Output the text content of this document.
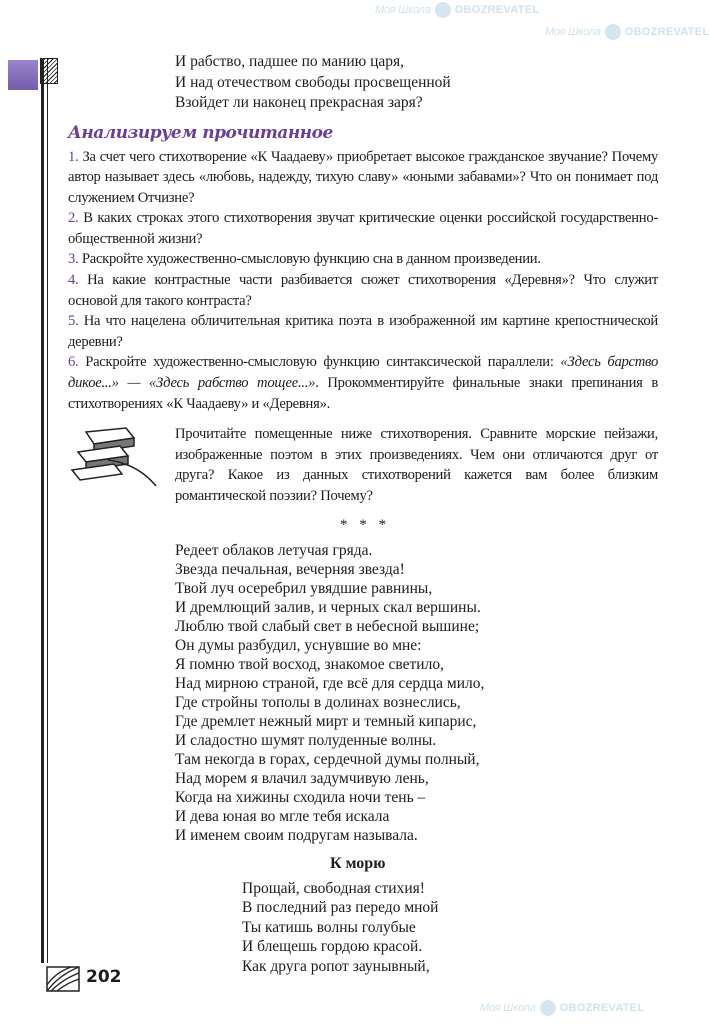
Моя Школа OBOZREVATEL
Моя Школа OBOZREVATEL
Моя Школа OBOZREVATEL
И рабство, падшее по манию царя,
И над отечеством свободы просвещенной
Взойдет ли наконец прекрасная заря?
Анализируем прочитанное

1. За счет чего стихотворение «К Чаадаеву» приобретает высокое гражданское звучание? Почему автор называет здесь «любовь, надежду, тихую славу» «юными забавами»? Что он понимает под служением Отчизне?

2. В каких строках этого стихотворения звучат критические оценки российской государственно-общественной жизни?

3. Раскройте художественно-смысловую функцию сна в данном произведении.

4. На какие контрастные части разбивается сюжет стихотворения «Деревня»? Что служит основой для такого контраста?

5. На что нацелена обличительная критика поэта в изображенной им картине крепостнической деревни?

6. Раскройте художественно-смысловую функцию синтаксической параллели: «Здесь барство дикое...» — «Здесь рабство тощее...». Прокомментируйте финальные знаки препинания в стихотворениях «К Чаадаеву» и «Деревня».

Прочитайте помещенные ниже стихотворения. Сравните морские пейзажи, изображенные поэтом в этих произведениях. Чем они отличаются друг от друга? Какое из данных стихотворений кажется вам более близким романтической поэзии? Почему?
* * *
Редеет облаков летучая гряда.
Звезда печальная, вечерняя звезда!
Твой луч осеребрил увядшие равнины,
И дремлющий залив, и черных скал вершины.
Люблю твой слабый свет в небесной вышине;
Он думы разбудил, уснувшие во мне:
Я помню твой восход, знакомое светило,
Над мирною страной, где всё для сердца мило,
Где стройны тополы в долинах вознеслись,
Где дремлет нежный мирт и темный кипарис,
И сладостно шумят полуденные волны.
Там некогда в горах, сердечной думы полный,
Над морем я влачил задумчивую лень,
Когда на хижины сходила ночи тень –
И дева юная во мгле тебя искала
И именем своим подругам называла.
К морю
Прощай, свободная стихия!
В последний раз передо мной
Ты катишь волны голубые
И блещешь гордою красой.
Как друга ропот заунывный,
202
